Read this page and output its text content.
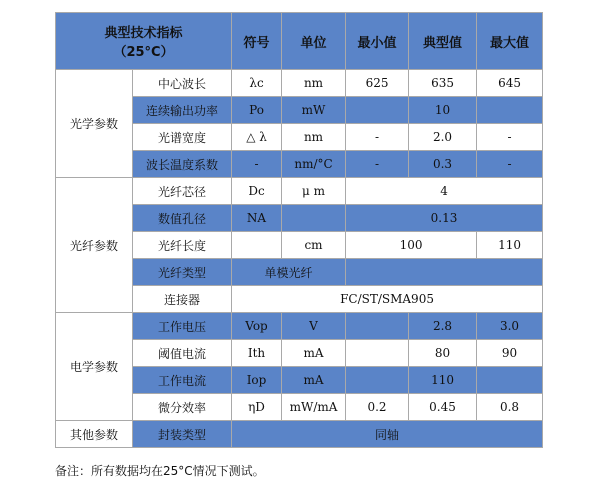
典型技术指标
（25°C）		符号	单位	最小值	典型值	最大值
光学参数	中心波长	λc	nm	625	635	645
	连续输出功率	Po	mW		10	
	光谱宽度	△ λ	nm	-	2.0	-
	波长温度系数	-	nm/°C	-	0.3	-
光纤参数	光纤芯径	Dc	μ m	4		
	数值孔径	NA		0.13		
	光纤长度		cm	100		110
	光纤类型	单模光纤				
	连接器	FC/ST/SMA905				
电学参数	工作电压	Vop	V		2.8	3.0
	阈值电流	Ith	mA		80	90
	工作电流	Iop	mA		110	
	微分效率	ηD	mW/mA	0.2	0.45	0.8
其他参数	封装类型	同轴				
备注：所有数据均在25°C情况下测试。
